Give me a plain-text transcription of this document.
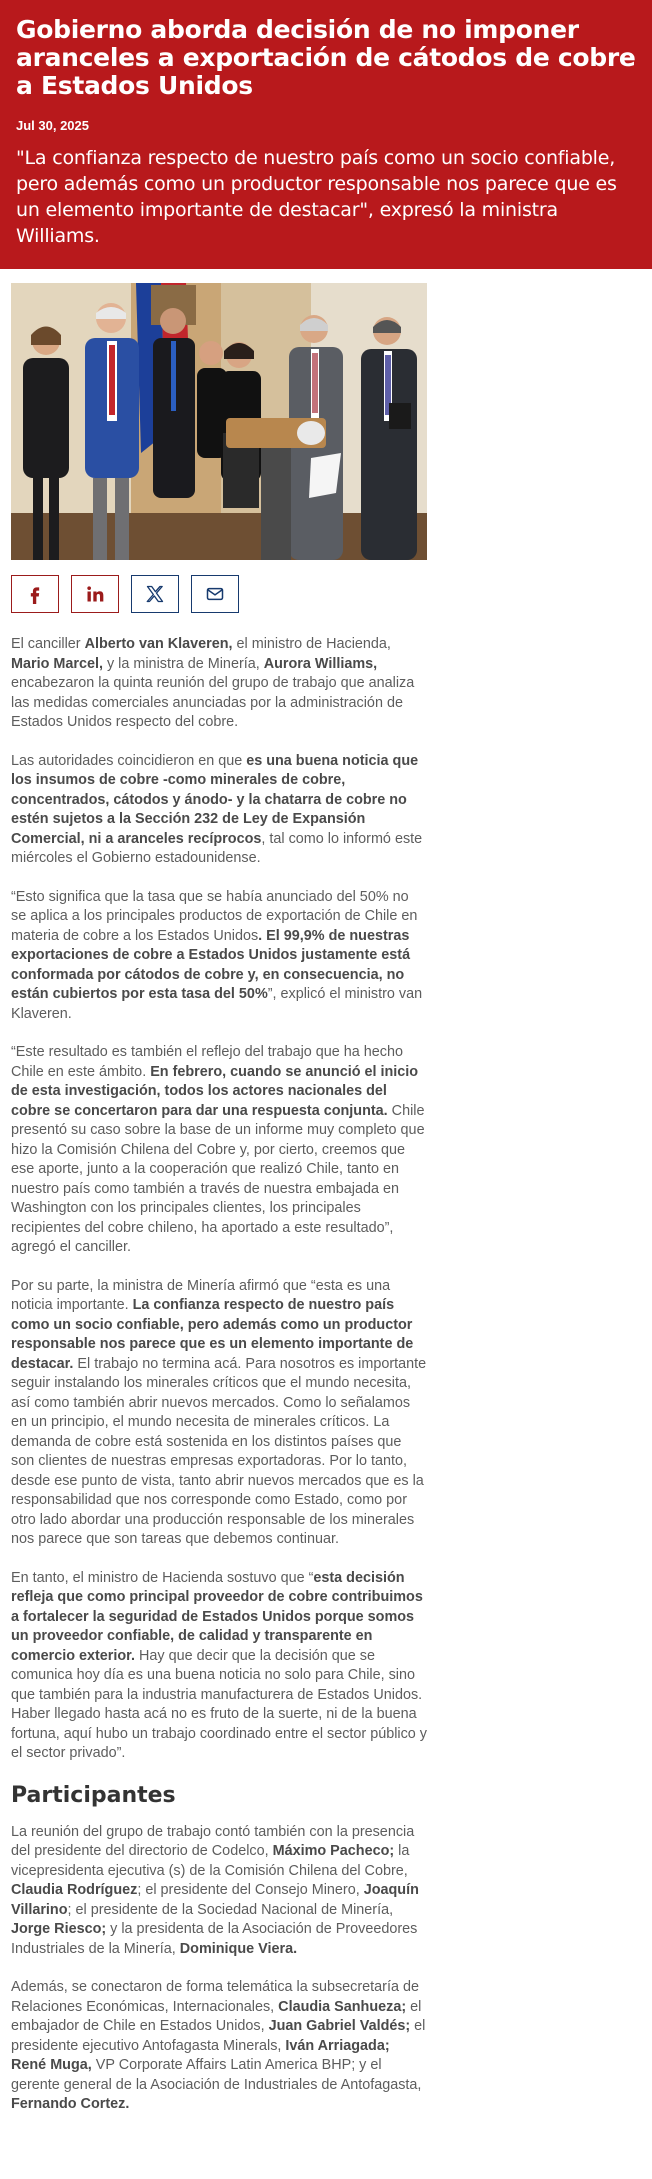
Gobierno aborda decisión de no imponer aranceles a exportación de cátodos de cobre a Estados Unidos
Jul 30, 2025

"La confianza respecto de nuestro país como un socio confiable, pero además como un productor responsable nos parece que es un elemento importante de destacar", expresó la ministra Williams.

El canciller Alberto van Klaveren, el ministro de Hacienda, Mario Marcel, y la ministra de Minería, Aurora Williams, encabezaron la quinta reunión del grupo de trabajo que analiza las medidas comerciales anunciadas por la administración de Estados Unidos respecto del cobre.

Las autoridades coincidieron en que es una buena noticia que los insumos de cobre -como minerales de cobre, concentrados, cátodos y ánodo- y la chatarra de cobre no estén sujetos a la Sección 232 de Ley de Expansión Comercial, ni a aranceles recíprocos, tal como lo informó este miércoles el Gobierno estadounidense.

“Esto significa que la tasa que se había anunciado del 50% no se aplica a los principales productos de exportación de Chile en materia de cobre a los Estados Unidos. El 99,9% de nuestras exportaciones de cobre a Estados Unidos justamente está conformada por cátodos de cobre y, en consecuencia, no están cubiertos por esta tasa del 50%”, explicó el ministro van Klaveren.

“Este resultado es también el reflejo del trabajo que ha hecho Chile en este ámbito. En febrero, cuando se anunció el inicio de esta investigación, todos los actores nacionales del cobre se concertaron para dar una respuesta conjunta. Chile presentó su caso sobre la base de un informe muy completo que hizo la Comisión Chilena del Cobre y, por cierto, creemos que ese aporte, junto a la cooperación que realizó Chile, tanto en nuestro país como también a través de nuestra embajada en Washington con los principales clientes, los principales recipientes del cobre chileno, ha aportado a este resultado”, agregó el canciller.

Por su parte, la ministra de Minería afirmó que “esta es una noticia importante. La confianza respecto de nuestro país como un socio confiable, pero además como un productor responsable nos parece que es un elemento importante de destacar. El trabajo no termina acá. Para nosotros es importante seguir instalando los minerales críticos que el mundo necesita, así como también abrir nuevos mercados. Como lo señalamos en un principio, el mundo necesita de minerales críticos. La demanda de cobre está sostenida en los distintos países que son clientes de nuestras empresas exportadoras. Por lo tanto, desde ese punto de vista, tanto abrir nuevos mercados que es la responsabilidad que nos corresponde como Estado, como por otro lado abordar una producción responsable de los minerales nos parece que son tareas que debemos continuar.

En tanto, el ministro de Hacienda sostuvo que “esta decisión refleja que como principal proveedor de cobre contribuimos a fortalecer la seguridad de Estados Unidos porque somos un proveedor confiable, de calidad y transparente en comercio exterior. Hay que decir que la decisión que se comunica hoy día es una buena noticia no solo para Chile, sino que también para la industria manufacturera de Estados Unidos. Haber llegado hasta acá no es fruto de la suerte, ni de la buena fortuna, aquí hubo un trabajo coordinado entre el sector público y el sector privado”.

Participantes

La reunión del grupo de trabajo contó también con la presencia del presidente del directorio de Codelco, Máximo Pacheco; la vicepresidenta ejecutiva (s) de la Comisión Chilena del Cobre, Claudia Rodríguez; el presidente del Consejo Minero, Joaquín Villarino; el presidente de la Sociedad Nacional de Minería, Jorge Riesco; y la presidenta de la Asociación de Proveedores Industriales de la Minería, Dominique Viera.

Además, se conectaron de forma telemática la subsecretaría de Relaciones Económicas, Internacionales, Claudia Sanhueza; el embajador de Chile en Estados Unidos, Juan Gabriel Valdés; el presidente ejecutivo Antofagasta Minerals, Iván Arriagada; René Muga, VP Corporate Affairs Latin America BHP; y el gerente general de la Asociación de Industriales de Antofagasta, Fernando Cortez.
